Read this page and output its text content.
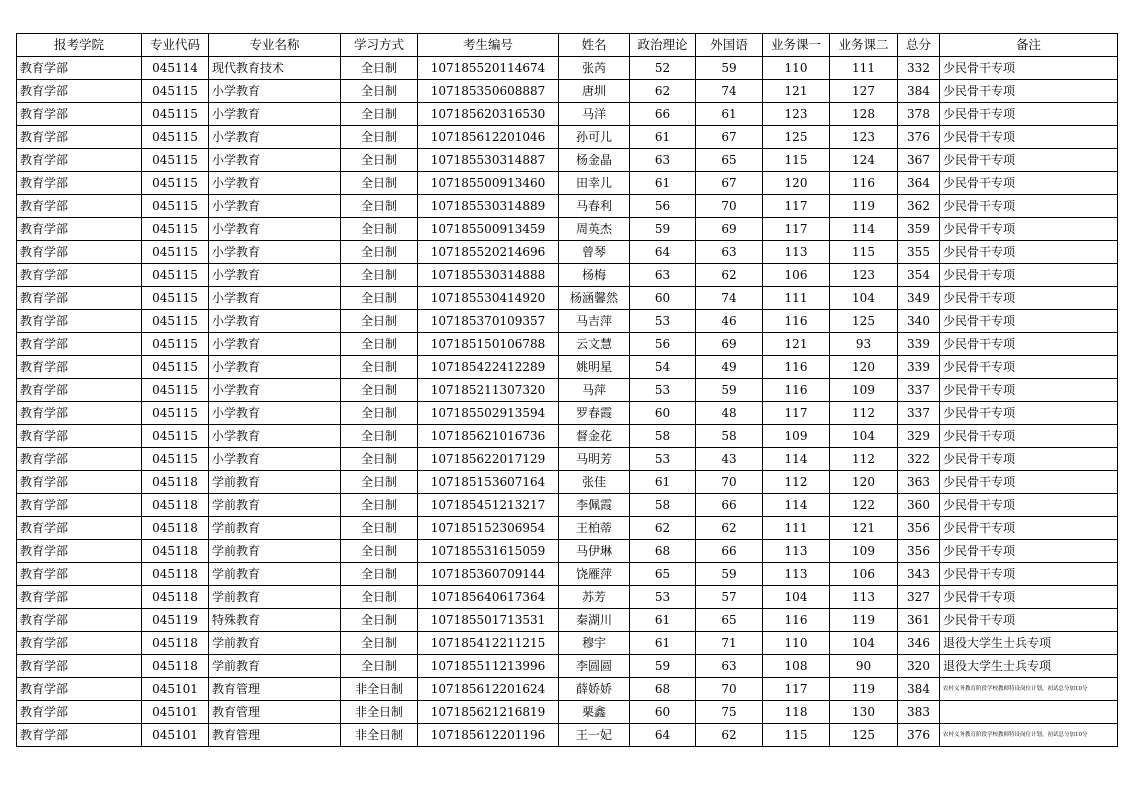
报考学院	专业代码	专业名称	学习方式	考生编号	姓名	政治理论	外国语	业务课一	业务课二	总分	备注
教育学部	045114	现代教育技术	全日制	107185520114674	张芮	52	59	110	111	332	少民骨干专项
教育学部	045115	小学教育	全日制	107185350608887	唐圳	62	74	121	127	384	少民骨干专项
教育学部	045115	小学教育	全日制	107185620316530	马洋	66	61	123	128	378	少民骨干专项
教育学部	045115	小学教育	全日制	107185612201046	孙可儿	61	67	125	123	376	少民骨干专项
教育学部	045115	小学教育	全日制	107185530314887	杨金晶	63	65	115	124	367	少民骨干专项
教育学部	045115	小学教育	全日制	107185500913460	田幸儿	61	67	120	116	364	少民骨干专项
教育学部	045115	小学教育	全日制	107185530314889	马春利	56	70	117	119	362	少民骨干专项
教育学部	045115	小学教育	全日制	107185500913459	周英杰	59	69	117	114	359	少民骨干专项
教育学部	045115	小学教育	全日制	107185520214696	曾琴	64	63	113	115	355	少民骨干专项
教育学部	045115	小学教育	全日制	107185530314888	杨梅	63	62	106	123	354	少民骨干专项
教育学部	045115	小学教育	全日制	107185530414920	杨涵馨然	60	74	111	104	349	少民骨干专项
教育学部	045115	小学教育	全日制	107185370109357	马吉萍	53	46	116	125	340	少民骨干专项
教育学部	045115	小学教育	全日制	107185150106788	云文慧	56	69	121	93	339	少民骨干专项
教育学部	045115	小学教育	全日制	107185422412289	姚明星	54	49	116	120	339	少民骨干专项
教育学部	045115	小学教育	全日制	107185211307320	马萍	53	59	116	109	337	少民骨干专项
教育学部	045115	小学教育	全日制	107185502913594	罗春霞	60	48	117	112	337	少民骨干专项
教育学部	045115	小学教育	全日制	107185621016736	督金花	58	58	109	104	329	少民骨干专项
教育学部	045115	小学教育	全日制	107185622017129	马明芳	53	43	114	112	322	少民骨干专项
教育学部	045118	学前教育	全日制	107185153607164	张佳	61	70	112	120	363	少民骨干专项
教育学部	045118	学前教育	全日制	107185451213217	李佩霞	58	66	114	122	360	少民骨干专项
教育学部	045118	学前教育	全日制	107185152306954	王柏蒂	62	62	111	121	356	少民骨干专项
教育学部	045118	学前教育	全日制	107185531615059	马伊琳	68	66	113	109	356	少民骨干专项
教育学部	045118	学前教育	全日制	107185360709144	饶雁萍	65	59	113	106	343	少民骨干专项
教育学部	045118	学前教育	全日制	107185640617364	苏芳	53	57	104	113	327	少民骨干专项
教育学部	045119	特殊教育	全日制	107185501713531	秦湖川	61	65	116	119	361	少民骨干专项
教育学部	045118	学前教育	全日制	107185412211215	穆宇	61	71	110	104	346	退役大学生士兵专项
教育学部	045118	学前教育	全日制	107185511213996	李圆圆	59	63	108	90	320	退役大学生士兵专项
教育学部	045101	教育管理	非全日制	107185612201624	薛娇娇	68	70	117	119	384	农村义务教育阶段学校教师特设岗位计划，初试总分加10分
教育学部	045101	教育管理	非全日制	107185621216819	栗鑫	60	75	118	130	383	
教育学部	045101	教育管理	非全日制	107185612201196	王一妃	64	62	115	125	376	农村义务教育阶段学校教师特设岗位计划，初试总分加10分
